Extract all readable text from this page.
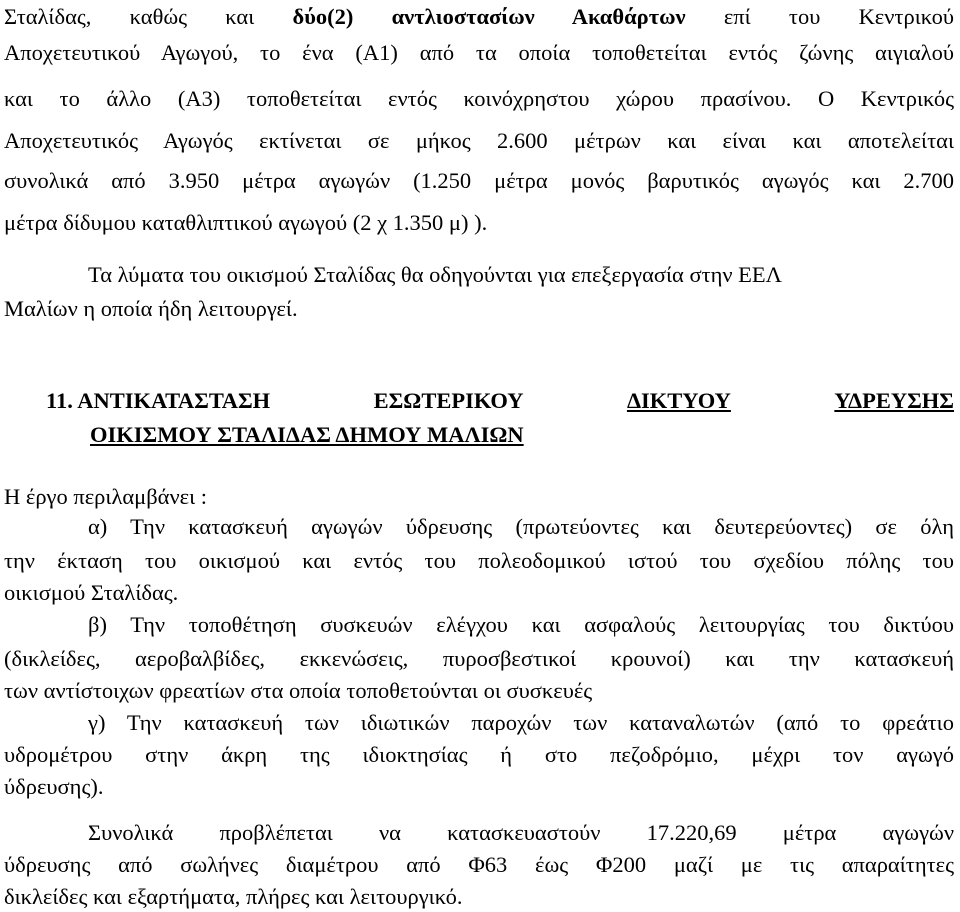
Σταλίδας, καθώς και δύο(2) αντλιοστασίων Ακαθάρτων επί του Κεντρικού
Αποχετευτικού Αγωγού, το ένα (Α1) από τα οποία τοποθετείται εντός ζώνης αιγιαλού
και το άλλο (Α3) τοποθετείται εντός κοινόχρηστου χώρου πρασίνου. Ο Κεντρικός
Αποχετευτικός Αγωγός εκτίνεται σε μήκος 2.600 μέτρων και είναι και αποτελείται
συνολικά από 3.950 μέτρα αγωγών (1.250 μέτρα μονός βαρυτικός αγωγός και 2.700
μέτρα δίδυμου καταθλιπτικού αγωγού (2 χ 1.350 μ) ).
Τα λύματα του οικισμού Σταλίδας θα οδηγούνται για επεξεργασία στην ΕΕΛ
Μαλίων η οποία ήδη λειτουργεί.
11. ΑΝΤΙΚΑΤΑΣΤΑΣΗ	ΕΣΩΤΕΡΙΚΟΥ	ΔΙΚΤΥΟΥ	ΥΔΡΕΥΣΗΣ
ΟΙΚΙΣΜΟΥ ΣΤΑΛΙΔΑΣ ΔΗΜΟΥ ΜΑΛΙΩΝ
Η έργο περιλαμβάνει :
α) Την κατασκευή αγωγών ύδρευσης (πρωτεύοντες και δευτερεύοντες) σε όλη
την έκταση του οικισμού και εντός του πολεοδομικού ιστού του σχεδίου πόλης του
οικισμού Σταλίδας.
β) Την τοποθέτηση συσκευών ελέγχου και ασφαλούς λειτουργίας του δικτύου
(δικλείδες, αεροβαλβίδες, εκκενώσεις, πυροσβεστικοί κρουνοί) και την κατασκευή
των αντίστοιχων φρεατίων στα οποία τοποθετούνται οι συσκευές
γ) Την κατασκευή των ιδιωτικών παροχών των καταναλωτών (από το φρεάτιο
υδρομέτρου στην άκρη της ιδιοκτησίας ή στο πεζοδρόμιο, μέχρι τον αγωγό
ύδρευσης).
Συνολικά προβλέπεται να κατασκευαστούν 17.220,69 μέτρα αγωγών
ύδρευσης από σωλήνες διαμέτρου από Φ63 έως Φ200 μαζί με τις απαραίτητες
δικλείδες και εξαρτήματα, πλήρες και λειτουργικό.
